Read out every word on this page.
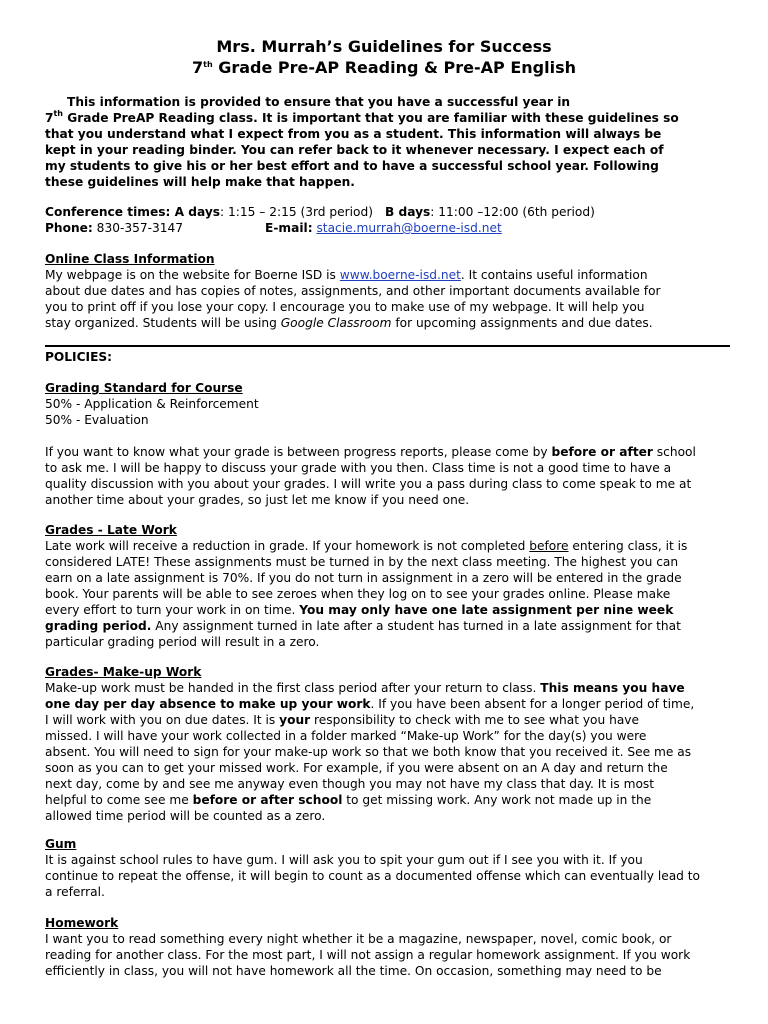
Mrs. Murrah’s Guidelines for Success
7th Grade Pre-AP Reading & Pre-AP English
This information is provided to ensure that you have a successful year in
7th Grade PreAP Reading class. It is important that you are familiar with these guidelines so
that you understand what I expect from you as a student. This information will always be
kept in your reading binder. You can refer back to it whenever necessary. I expect each of
my students to give his or her best effort and to have a successful school year. Following
these guidelines will help make that happen.
Conference times: A days: 1:15 – 2:15 (3rd period) B days: 11:00 –12:00 (6th period)
Phone: 830-357-3147	E-mail: stacie.murrah@boerne-isd.net
Online Class Information
My webpage is on the website for Boerne ISD is www.boerne-isd.net. It contains useful information
about due dates and has copies of notes, assignments, and other important documents available for
you to print off if you lose your copy. I encourage you to make use of my webpage. It will help you
stay organized. Students will be using Google Classroom for upcoming assignments and due dates.
POLICIES:
Grading Standard for Course
50% - Application & Reinforcement
50% - Evaluation
If you want to know what your grade is between progress reports, please come by before or after school
to ask me. I will be happy to discuss your grade with you then. Class time is not a good time to have a
quality discussion with you about your grades. I will write you a pass during class to come speak to me at
another time about your grades, so just let me know if you need one.
Grades - Late Work
Late work will receive a reduction in grade. If your homework is not completed before entering class, it is
considered LATE! These assignments must be turned in by the next class meeting. The highest you can
earn on a late assignment is 70%. If you do not turn in assignment in a zero will be entered in the grade
book. Your parents will be able to see zeroes when they log on to see your grades online. Please make
every effort to turn your work in on time. You may only have one late assignment per nine week
grading period. Any assignment turned in late after a student has turned in a late assignment for that
particular grading period will result in a zero.
Grades- Make-up Work
Make-up work must be handed in the first class period after your return to class. This means you have
one day per day absence to make up your work. If you have been absent for a longer period of time,
I will work with you on due dates. It is your responsibility to check with me to see what you have
missed. I will have your work collected in a folder marked “Make-up Work” for the day(s) you were
absent. You will need to sign for your make-up work so that we both know that you received it. See me as
soon as you can to get your missed work. For example, if you were absent on an A day and return the
next day, come by and see me anyway even though you may not have my class that day. It is most
helpful to come see me before or after school to get missing work. Any work not made up in the
allowed time period will be counted as a zero.
Gum
It is against school rules to have gum. I will ask you to spit your gum out if I see you with it. If you
continue to repeat the offense, it will begin to count as a documented offense which can eventually lead to
a referral.
Homework
I want you to read something every night whether it be a magazine, newspaper, novel, comic book, or
reading for another class. For the most part, I will not assign a regular homework assignment. If you work
efficiently in class, you will not have homework all the time. On occasion, something may need to be
